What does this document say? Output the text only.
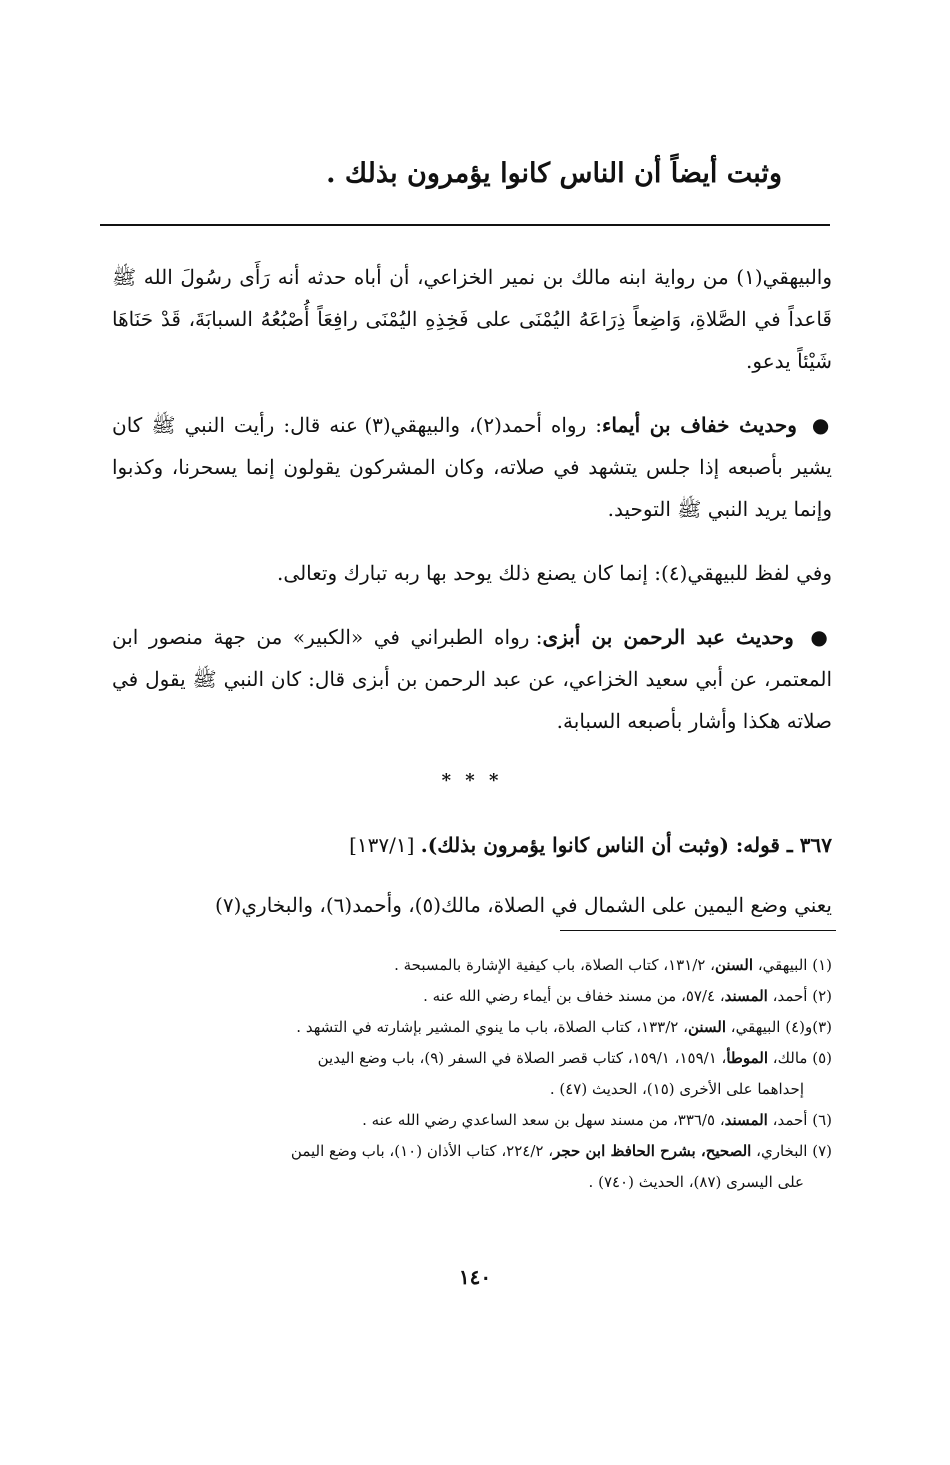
وثبت أيضاً أن الناس كانوا يؤمرون بذلك .

والبيهقي(١) من رواية ابنه مالك بن نمير الخزاعي، أن أباه حدثه أنه رَأَى رسُولَ الله ﷺ قَاعداً في الصَّلاةِ، وَاضِعاً ذِرَاعَهُ اليُمْنَى على فَخِذِهِ اليُمْنَى رافِعَاً أُصْبُعُهُ السبابَةَ، قَدْ حَنَاهَا شَيْئاً يدعو.

● وحديث خفاف بن أيماء: رواه أحمد(٢)، والبيهقي(٣) عنه قال: رأيت النبي ﷺ كان يشير بأصبعه إذا جلس يتشهد في صلاته، وكان المشركون يقولون إنما يسحرنا، وكذبوا وإنما يريد النبي ﷺ التوحيد.

وفي لفظ للبيهقي(٤): إنما كان يصنع ذلك يوحد بها ربه تبارك وتعالى.

● وحديث عبد الرحمن بن أبزى: رواه الطبراني في «الكبير» من جهة منصور ابن المعتمر، عن أبي سعيد الخزاعي، عن عبد الرحمن بن أبزى قال: كان النبي ﷺ يقول في صلاته هكذا وأشار بأصبعه السبابة.

* * *

٣٦٧ ـ قوله: (وثبت أن الناس كانوا يؤمرون بذلك). [١٣٧/١]

يعني وضع اليمين على الشمال في الصلاة، مالك(٥)، وأحمد(٦)، والبخاري(٧)

(١) البيهقي، السنن، ١٣١/٢، كتاب الصلاة، باب كيفية الإشارة بالمسبحة .

(٢) أحمد، المسند، ٥٧/٤، من مسند خفاف بن أيماء رضي الله عنه .

(٣)و(٤) البيهقي، السنن، ١٣٣/٢، كتاب الصلاة، باب ما ينوي المشير بإشارته في التشهد .

(٥) مالك، الموطأ، ١٥٩/١، ١٥٩/١، كتاب قصر الصلاة في السفر (٩)، باب وضع اليدين

إحداهما على الأخرى (١٥)، الحديث (٤٧) .

(٦) أحمد، المسند، ٣٣٦/٥، من مسند سهل بن سعد الساعدي رضي الله عنه .

(٧) البخاري، الصحيح، بشرح الحافظ ابن حجر، ٢٢٤/٢، كتاب الأذان (١٠)، باب وضع اليمن

على اليسرى (٨٧)، الحديث (٧٤٠) .

١٤٠
